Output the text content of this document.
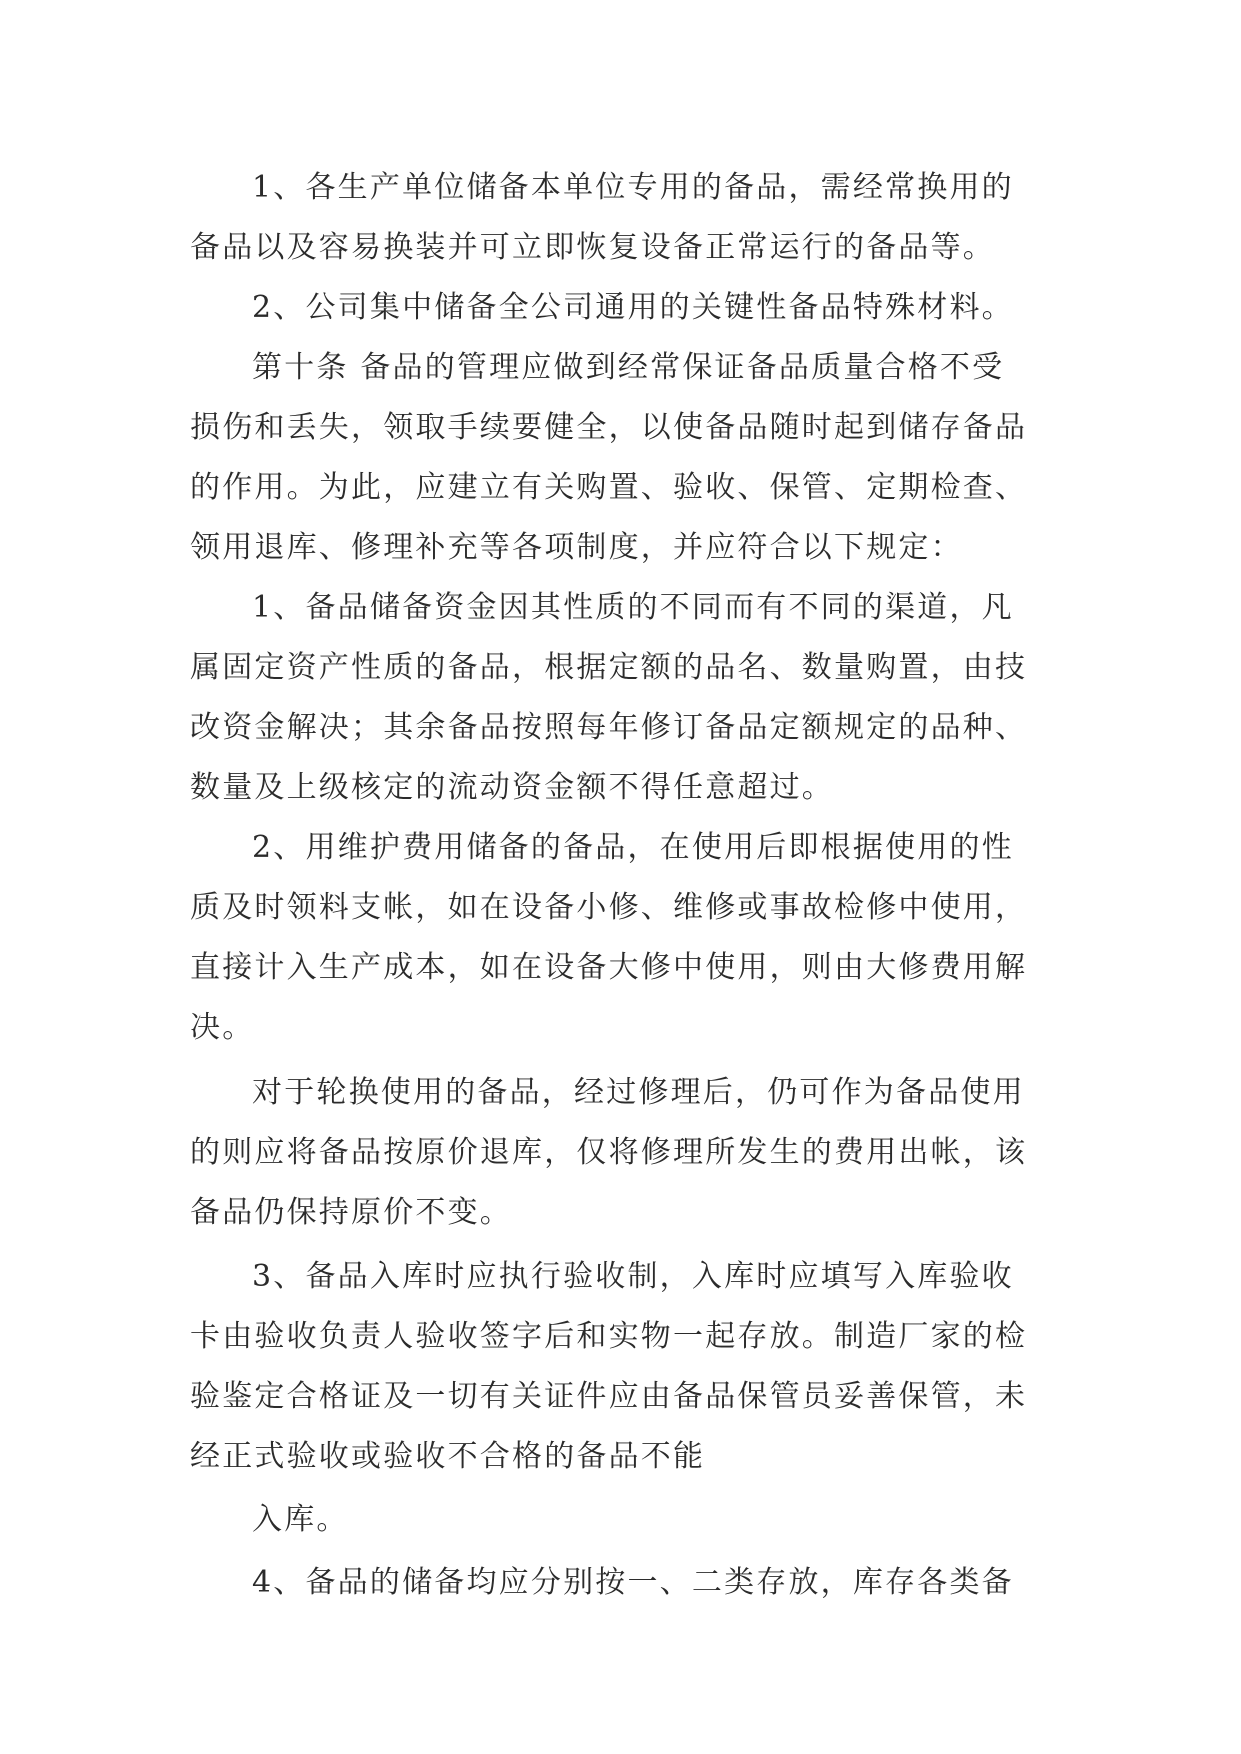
1、各生产单位储备本单位专用的备品，需经常换用的
备品以及容易换装并可立即恢复设备正常运行的备品等。
2、公司集中储备全公司通用的关键性备品特殊材料。
第十条 备品的管理应做到经常保证备品质量合格不受
损伤和丢失，领取手续要健全，以使备品随时起到储存备品
的作用。为此，应建立有关购置、验收、保管、定期检查、
领用退库、修理补充等各项制度，并应符合以下规定：
1、备品储备资金因其性质的不同而有不同的渠道，凡
属固定资产性质的备品，根据定额的品名、数量购置，由技
改资金解决；其余备品按照每年修订备品定额规定的品种、
数量及上级核定的流动资金额不得任意超过。
2、用维护费用储备的备品，在使用后即根据使用的性
质及时领料支帐，如在设备小修、维修或事故检修中使用，
直接计入生产成本，如在设备大修中使用，则由大修费用解
决。
对于轮换使用的备品，经过修理后，仍可作为备品使用
的则应将备品按原价退库，仅将修理所发生的费用出帐，该
备品仍保持原价不变。
3、备品入库时应执行验收制，入库时应填写入库验收
卡由验收负责人验收签字后和实物一起存放。制造厂家的检
验鉴定合格证及一切有关证件应由备品保管员妥善保管，未
经正式验收或验收不合格的备品不能
入库。
4、备品的储备均应分别按一、二类存放，库存各类备
